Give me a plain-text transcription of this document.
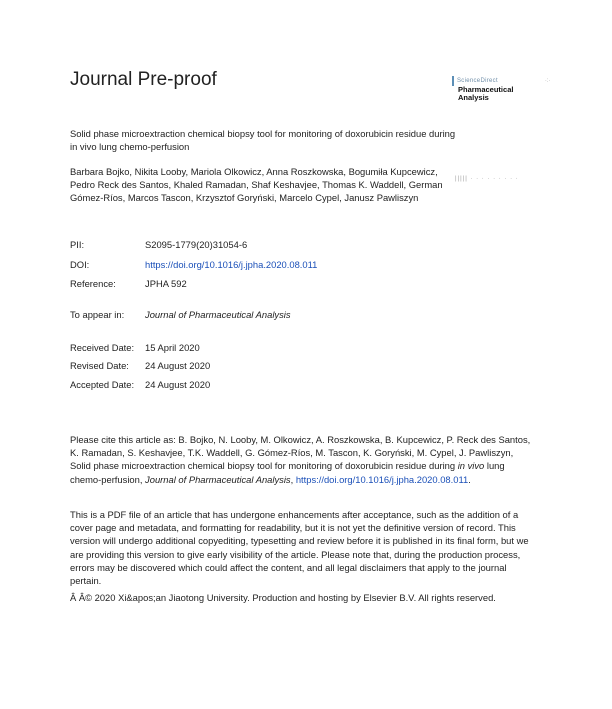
Journal Pre-proof	ScienceDirect	·:·
Pharmaceutical
Analysis
Solid phase microextraction chemical biopsy tool for monitoring of doxorubicin residue during in vivo lung chemo-perfusion
Barbara Bojko, Nikita Looby, Mariola Olkowicz, Anna Roszkowska, Bogumiła Kupcewicz, Pedro Reck des Santos, Khaled Ramadan, Shaf Keshavjee, Thomas K. Waddell, German Gómez-Ríos, Marcos Tascon, Krzysztof Goryński, Marcelo Cypel, Janusz Pawliszyn
||||| · · · · · · · · ·
PII:	S2095-1779(20)31054-6
DOI:	https://doi.org/10.1016/j.jpha.2020.08.011
Reference:	JPHA 592
To appear in: Journal of Pharmaceutical Analysis
Received Date: 15 April 2020
Revised Date: 24 August 2020
Accepted Date: 24 August 2020
Please cite this article as: B. Bojko, N. Looby, M. Olkowicz, A. Roszkowska, B. Kupcewicz, P. Reck des Santos, K. Ramadan, S. Keshavjee, T.K. Waddell, G. Gómez-Ríos, M. Tascon, K. Goryński, M. Cypel, J. Pawliszyn, Solid phase microextraction chemical biopsy tool for monitoring of doxorubicin residue during in vivo lung chemo-perfusion, Journal of Pharmaceutical Analysis, https://doi.org/10.1016/j.jpha.2020.08.011.
This is a PDF file of an article that has undergone enhancements after acceptance, such as the addition of a cover page and metadata, and formatting for readability, but it is not yet the definitive version of record. This version will undergo additional copyediting, typesetting and review before it is published in its final form, but we are providing this version to give early visibility of the article. Please note that, during the production process, errors may be discovered which could affect the content, and all legal disclaimers that apply to the journal pertain.
Â Â© 2020 Xi&apos;an Jiaotong University. Production and hosting by Elsevier B.V. All rights reserved.
